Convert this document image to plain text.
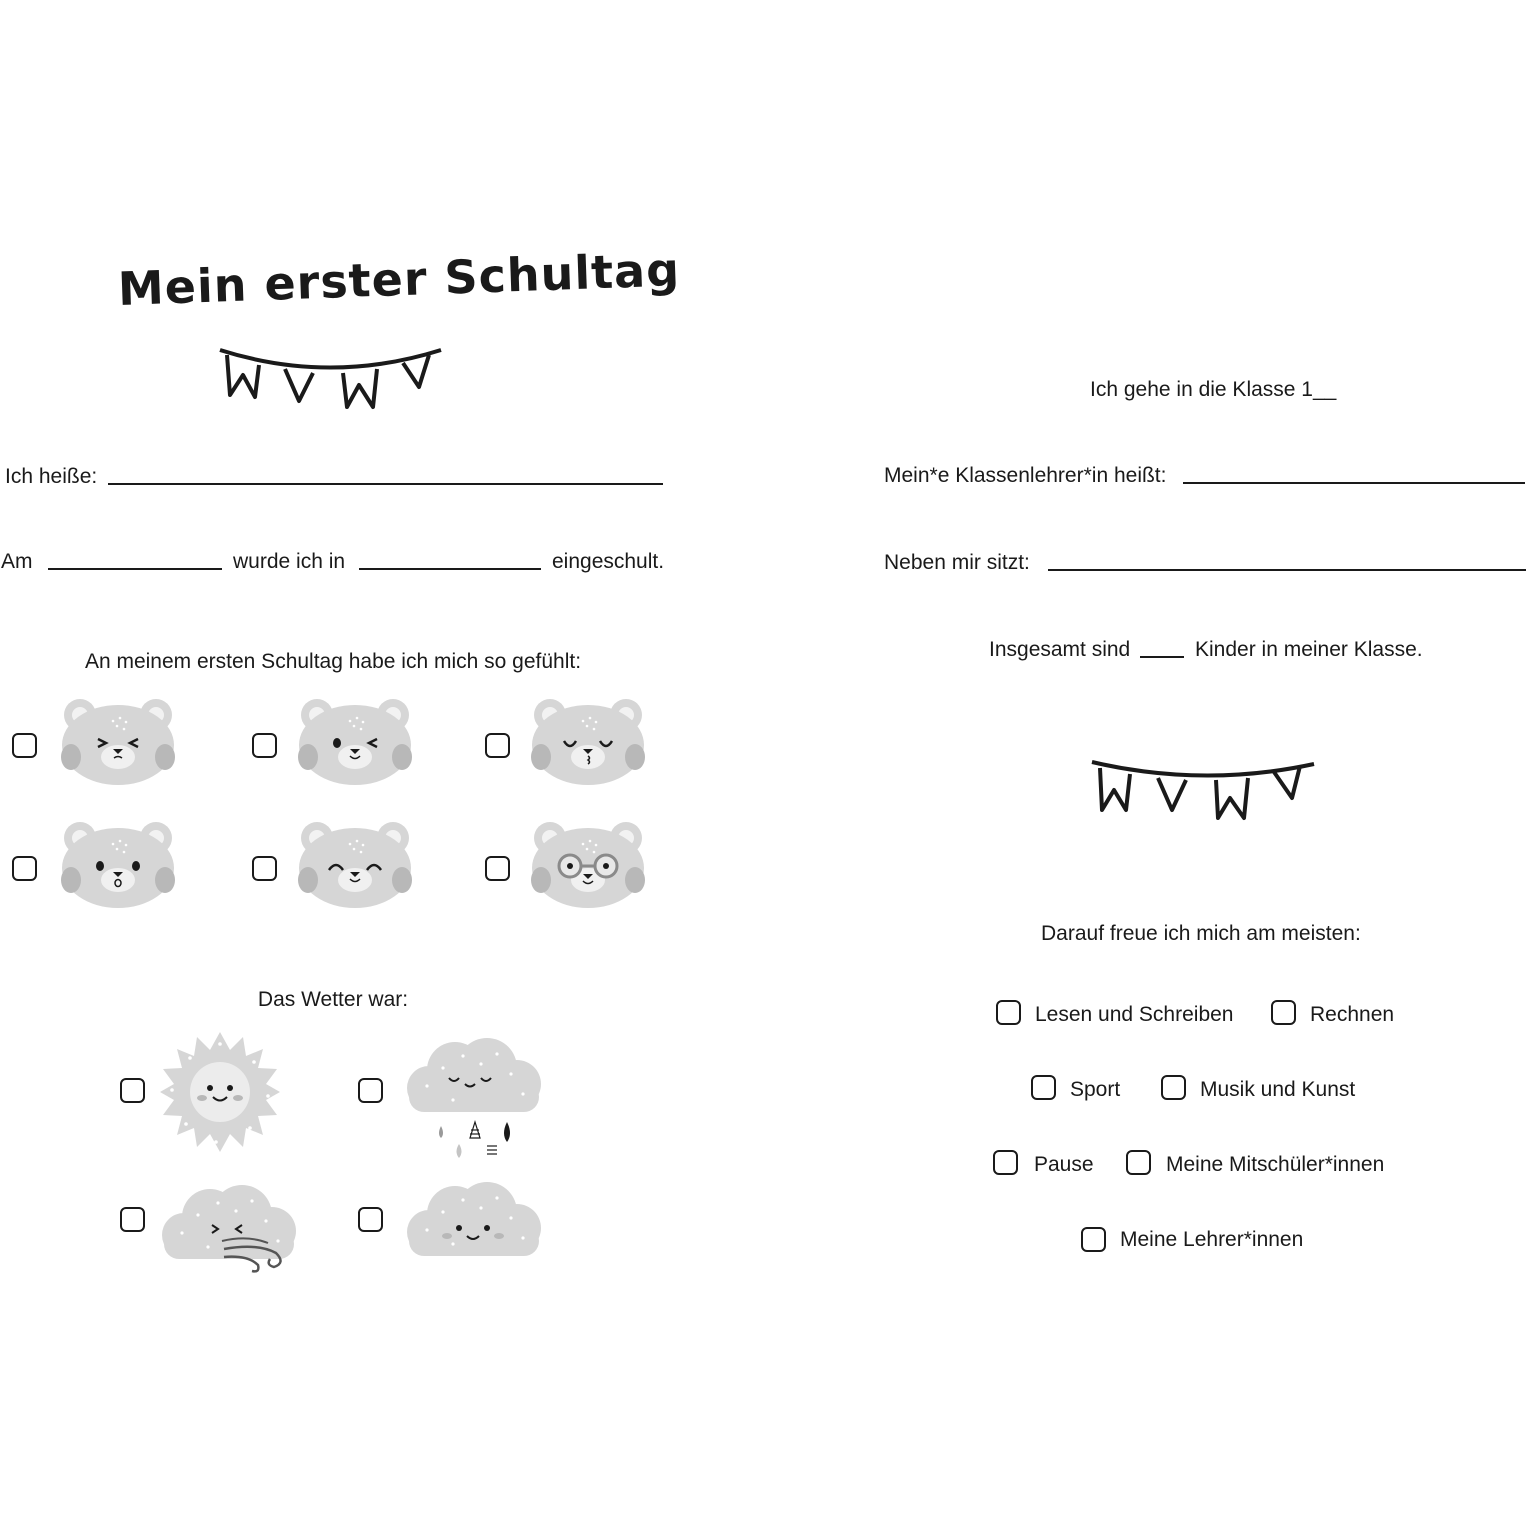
Mein erster Schultag
Ich heiße:
Am	wurde ich in	eingeschult.
An meinem ersten Schultag habe ich mich so gefühlt:
Das Wetter war:
Ich gehe in die Klasse 1__
Mein*e Klassenlehrer*in heißt:
Neben mir sitzt:
Insgesamt sind	Kinder in meiner Klasse.
Darauf freue ich mich am meisten:
Lesen und Schreiben	Rechnen
Sport	Musik und Kunst
Pause	Meine Mitschüler*innen
Meine Lehrer*innen
